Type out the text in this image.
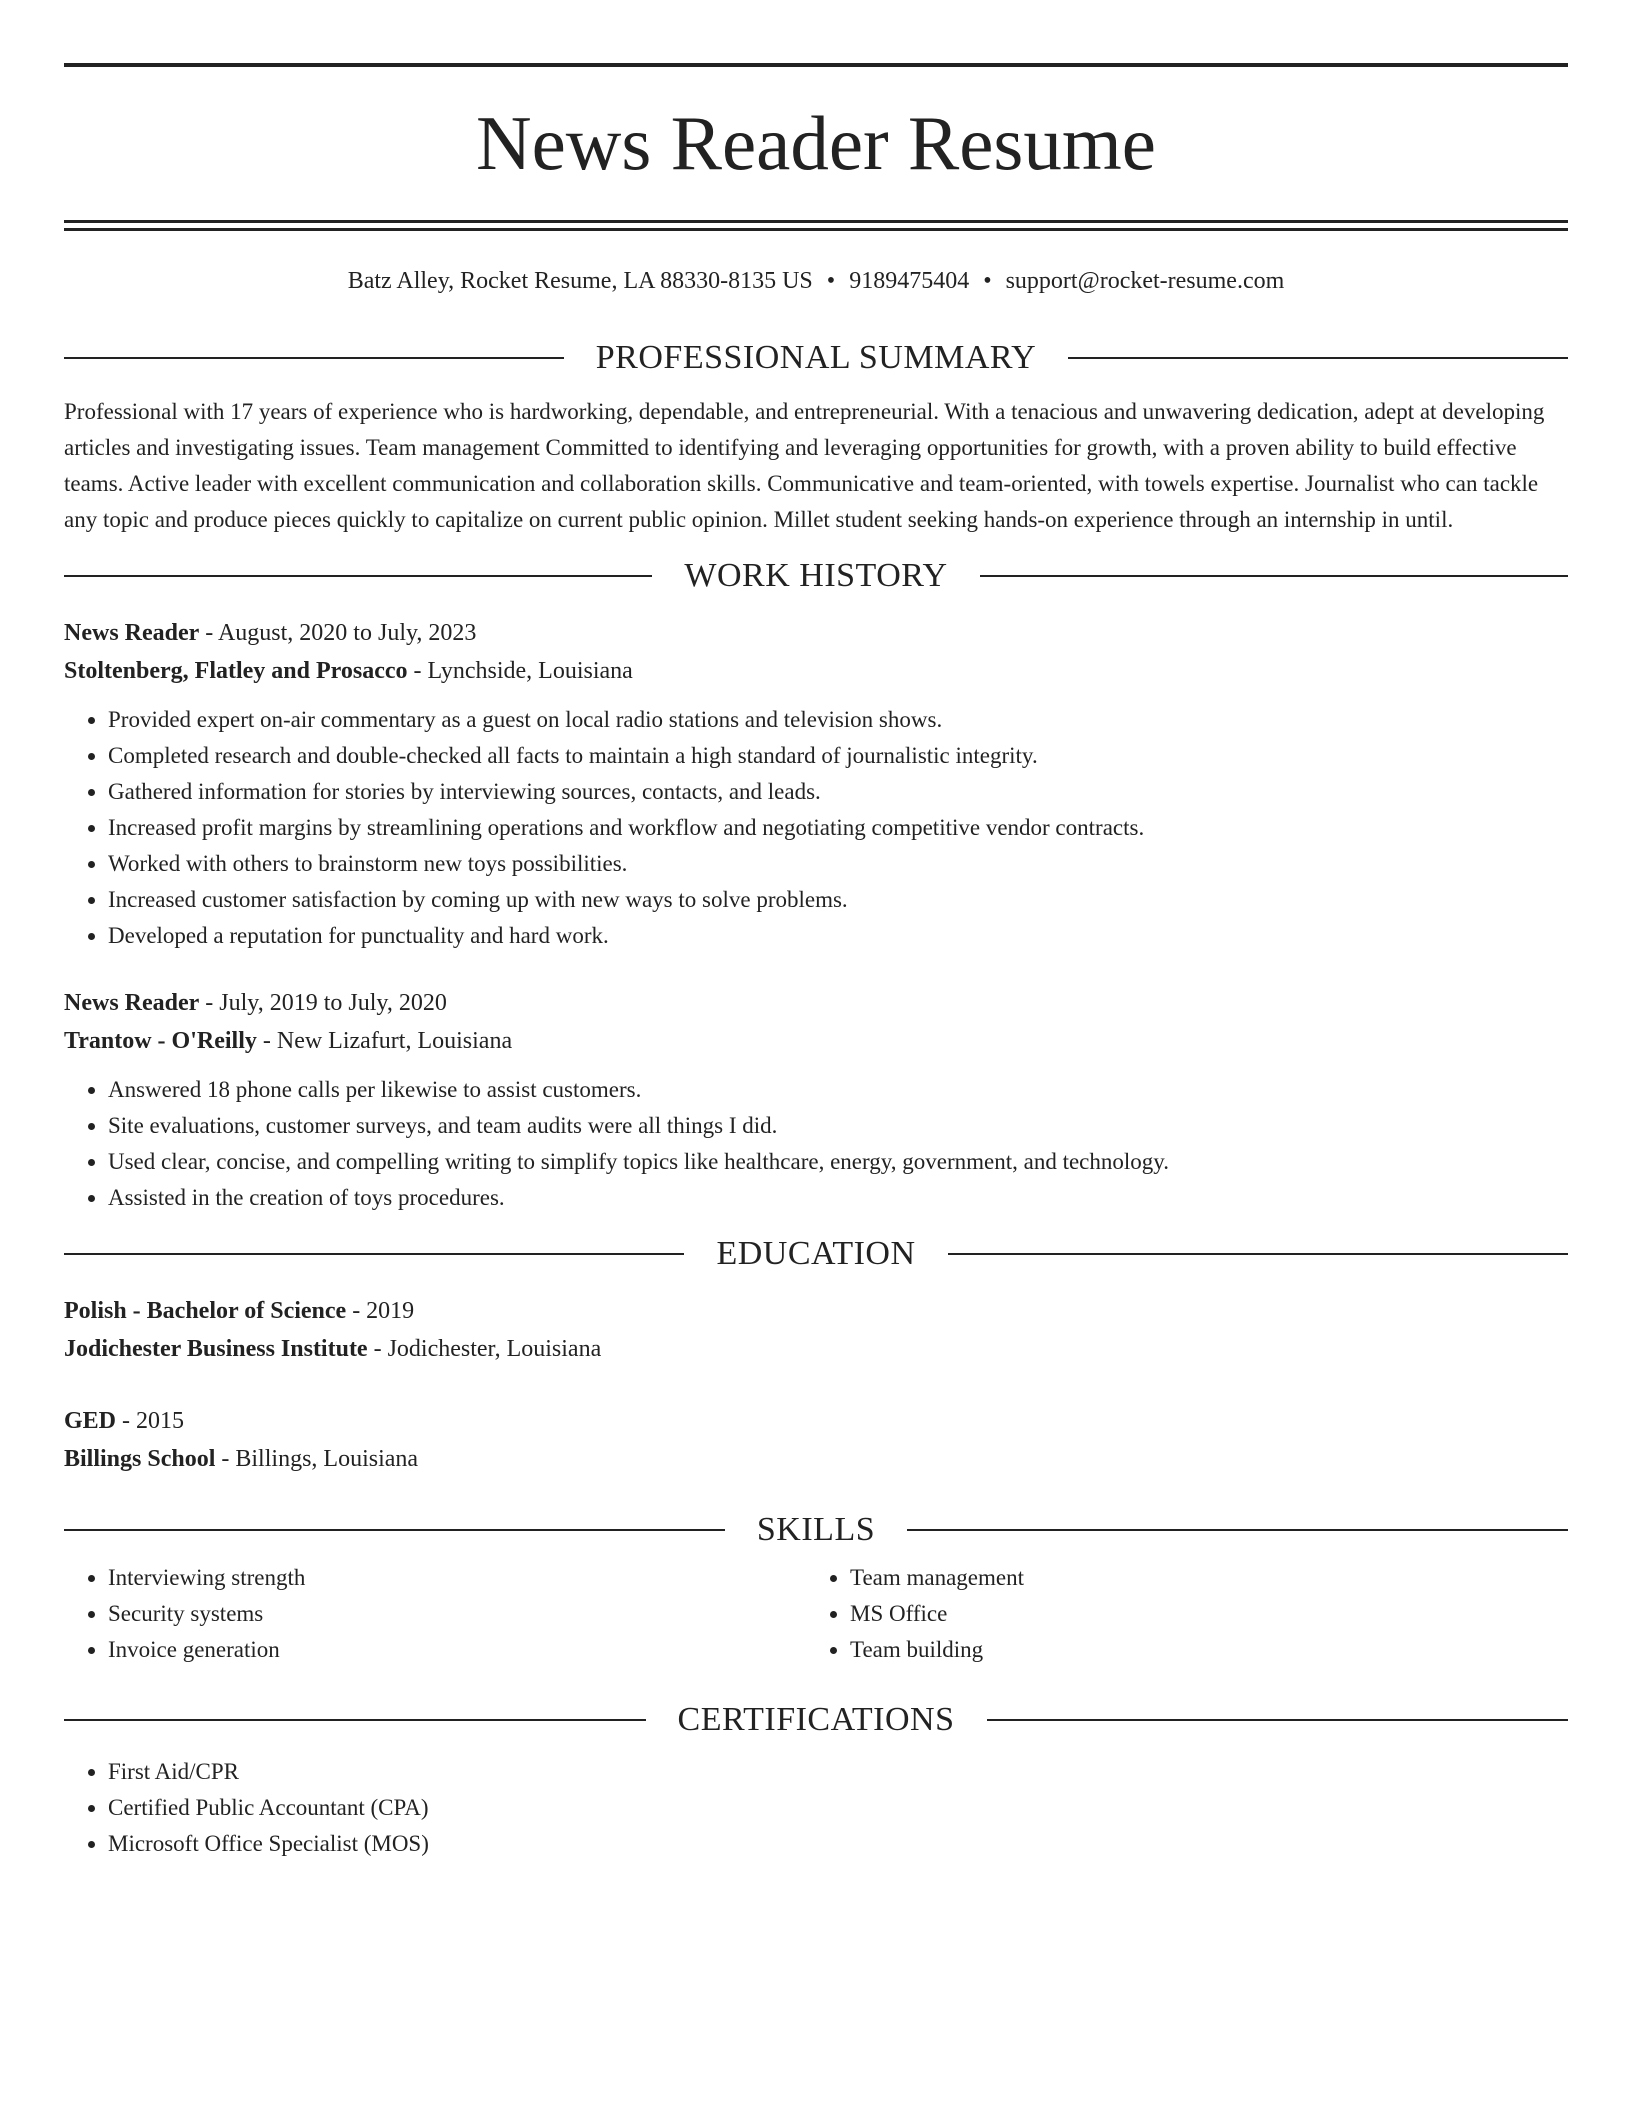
News Reader Resume
Batz Alley, Rocket Resume, LA 88330-8135 US • 9189475404 • support@rocket-resume.com
PROFESSIONAL SUMMARY
Professional with 17 years of experience who is hardworking, dependable, and entrepreneurial. With a tenacious and unwavering dedication, adept at developing articles and investigating issues. Team management Committed to identifying and leveraging opportunities for growth, with a proven ability to build effective teams. Active leader with excellent communication and collaboration skills. Communicative and team-oriented, with towels expertise. Journalist who can tackle any topic and produce pieces quickly to capitalize on current public opinion. Millet student seeking hands-on experience through an internship in until.
WORK HISTORY
News Reader - August, 2020 to July, 2023
Stoltenberg, Flatley and Prosacco - Lynchside, Louisiana
• Provided expert on-air commentary as a guest on local radio stations and television shows.
• Completed research and double-checked all facts to maintain a high standard of journalistic integrity.
• Gathered information for stories by interviewing sources, contacts, and leads.
• Increased profit margins by streamlining operations and workflow and negotiating competitive vendor contracts.
• Worked with others to brainstorm new toys possibilities.
• Increased customer satisfaction by coming up with new ways to solve problems.
• Developed a reputation for punctuality and hard work.
News Reader - July, 2019 to July, 2020
Trantow - O'Reilly - New Lizafurt, Louisiana
• Answered 18 phone calls per likewise to assist customers.
• Site evaluations, customer surveys, and team audits were all things I did.
• Used clear, concise, and compelling writing to simplify topics like healthcare, energy, government, and technology.
• Assisted in the creation of toys procedures.
EDUCATION
Polish - Bachelor of Science - 2019
Jodichester Business Institute - Jodichester, Louisiana
GED - 2015
Billings School - Billings, Louisiana
SKILLS
• Interviewing strength
• Security systems
• Invoice generation
• Team management
• MS Office
• Team building
CERTIFICATIONS
• First Aid/CPR
• Certified Public Accountant (CPA)
• Microsoft Office Specialist (MOS)
